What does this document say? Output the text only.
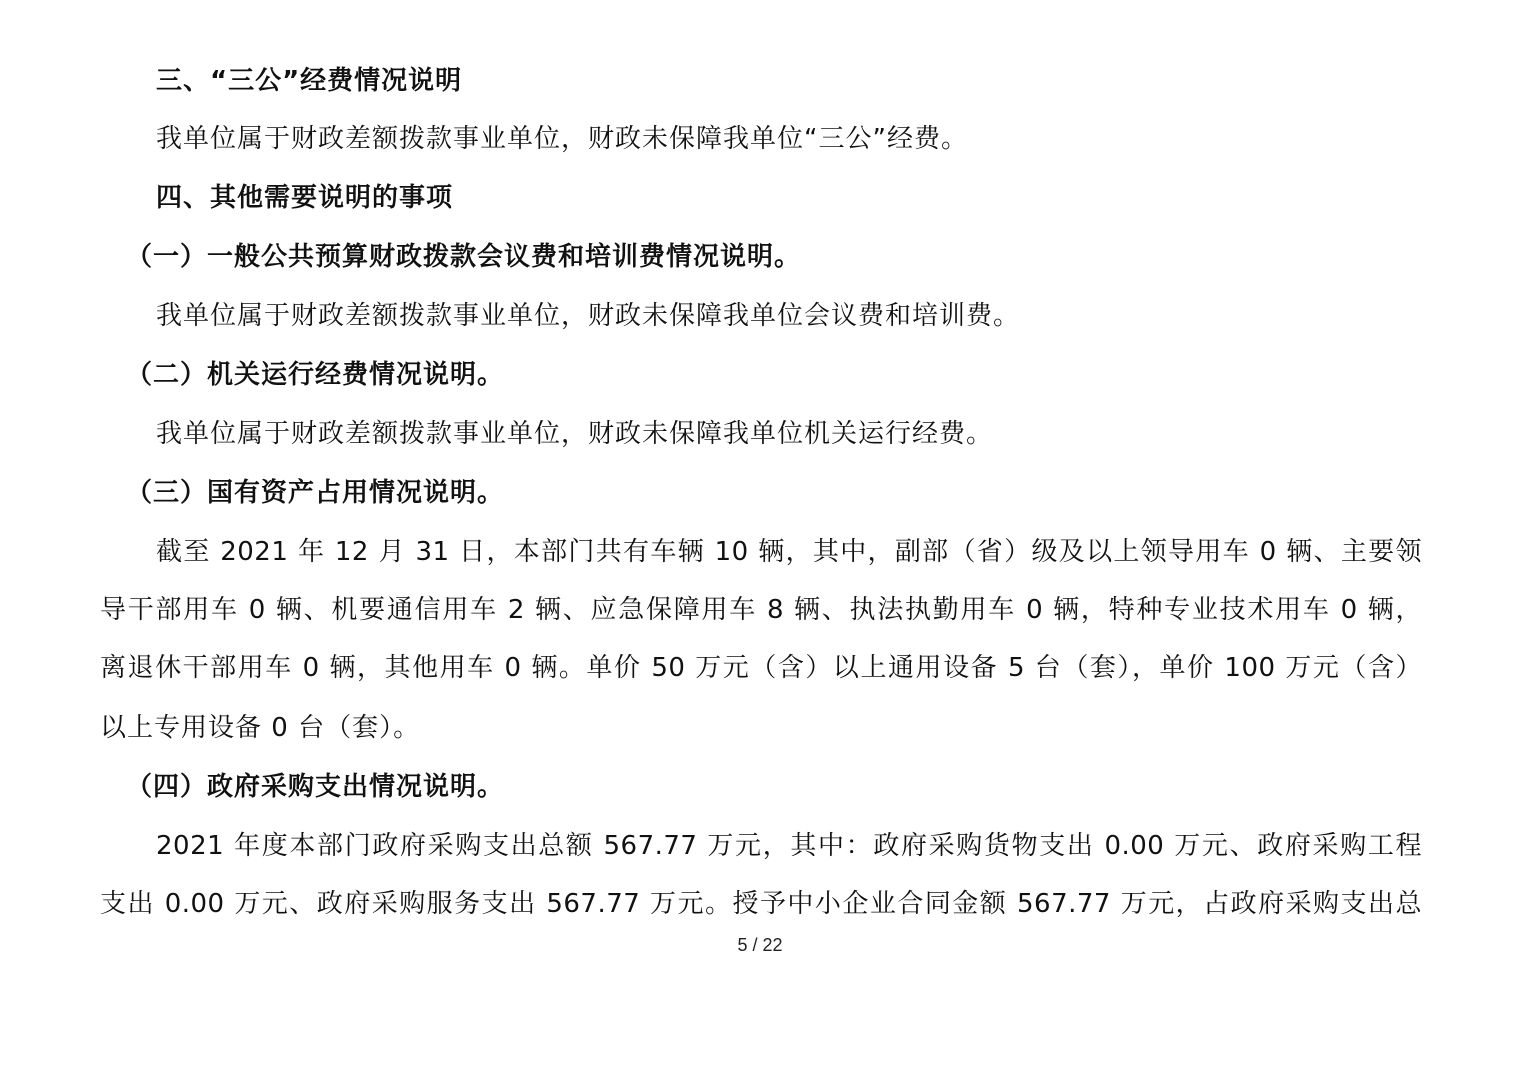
三、“三公”经费情况说明
我单位属于财政差额拨款事业单位，财政未保障我单位“三公”经费。
四、其他需要说明的事项
（一）一般公共预算财政拨款会议费和培训费情况说明。
我单位属于财政差额拨款事业单位，财政未保障我单位会议费和培训费。
（二）机关运行经费情况说明。
我单位属于财政差额拨款事业单位，财政未保障我单位机关运行经费。
（三）国有资产占用情况说明。
截至 2021 年 12 月 31 日，本部门共有车辆 10 辆，其中，副部（省）级及以上领导用车 0 辆、主要领
导干部用车 0 辆、机要通信用车 2 辆、应急保障用车 8 辆、执法执勤用车 0 辆，特种专业技术用车 0 辆，
离退休干部用车 0 辆，其他用车 0 辆。单价 50 万元（含）以上通用设备 5 台（套），单价 100 万元（含）
以上专用设备 0 台（套）。
（四）政府采购支出情况说明。
2021 年度本部门政府采购支出总额 567.77 万元，其中：政府采购货物支出 0.00 万元、政府采购工程
支出 0.00 万元、政府采购服务支出 567.77 万元。授予中小企业合同金额 567.77 万元，占政府采购支出总
5 / 22
